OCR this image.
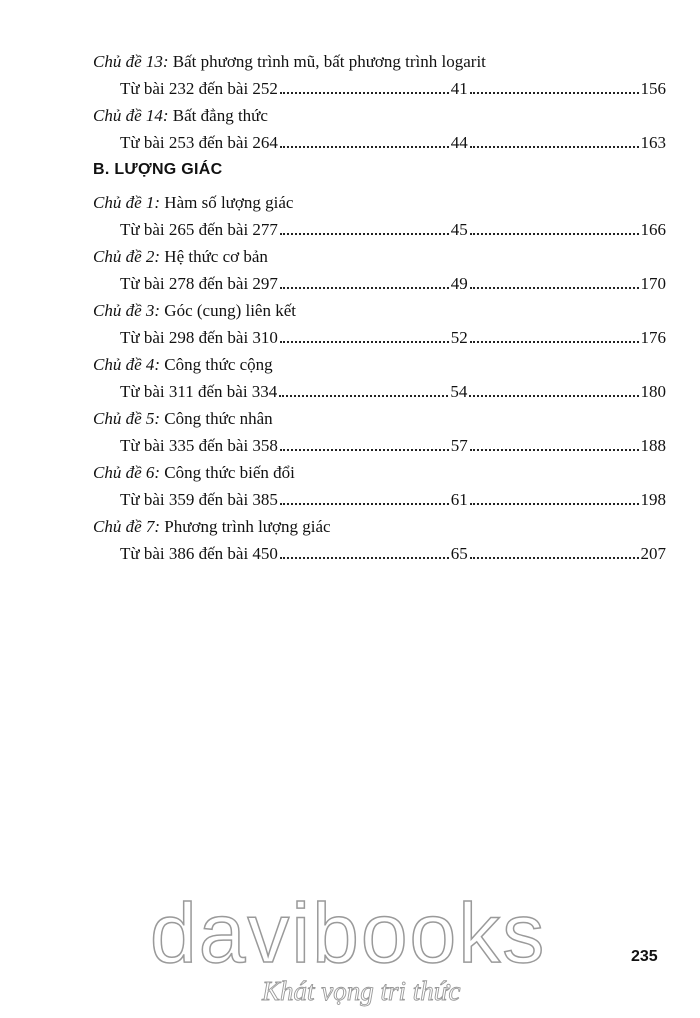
Chủ đề 13: Bất phương trình mũ, bất phương trình logarit
Từ bài 232 đến bài 252	41	156
Chủ đề 14: Bất đẳng thức
Từ bài 253 đến bài 264	44	163
B. LƯỢNG GIÁC
Chủ đề 1: Hàm số lượng giác
Từ bài 265 đến bài 277	45	166
Chủ đề 2: Hệ thức cơ bản
Từ bài 278 đến bài 297	49	170
Chủ đề 3: Góc (cung) liên kết
Từ bài 298 đến bài 310	52	176
Chủ đề 4: Công thức cộng
Từ bài 311 đến bài 334	54	180
Chủ đề 5: Công thức nhân
Từ bài 335 đến bài 358	57	188
Chủ đề 6: Công thức biến đổi
Từ bài 359 đến bài 385	61	198
Chủ đề 7: Phương trình lượng giác
Từ bài 386 đến bài 450	65	207
davibooks
Khát vọng tri thức
235
